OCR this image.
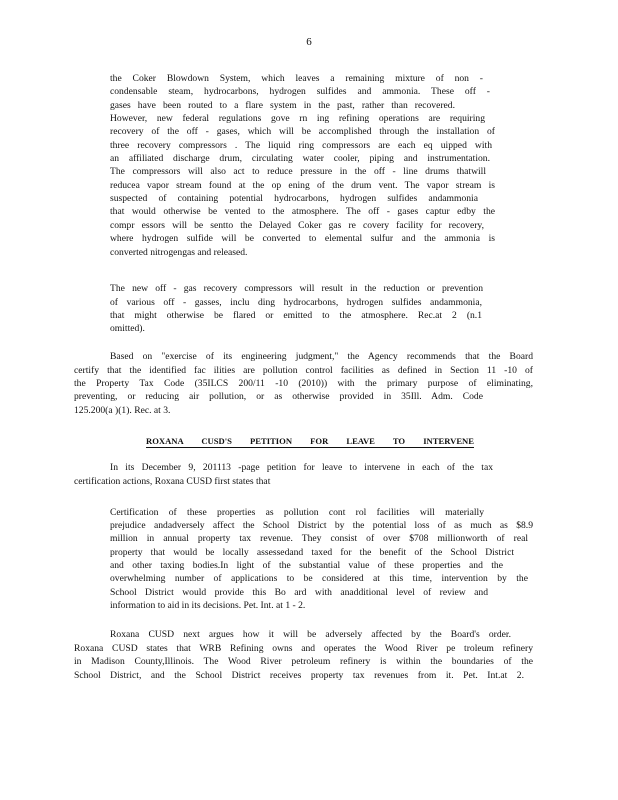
6
the Coker Blowdown System, which leaves a remaining mixture of non -
condensable steam, hydrocarbons, hydrogen sulfides and ammonia. These off -
gases have been routed to a flare system in the past, rather than recovered.
However, new federal regulations gove rn ing refining operations are requiring
recovery of the off - gases, which will be accomplished through the installation of
three recovery compressors . The liquid ring compressors are each eq uipped with
an affiliated discharge drum, circulating water cooler, piping and instrumentation.
The compressors will also act to reduce pressure in the off - line drums thatwill
reducea vapor stream found at the op ening of the drum vent. The vapor stream is
suspected of containing potential hydrocarbons, hydrogen sulfides andammonia
that would otherwise be vented to the atmosphere. The off - gases captur edby the
compr essors will be sentto the Delayed Coker gas re covery facility for recovery,
where hydrogen sulfide will be converted to elemental sulfur and the ammonia is
converted nitrogengas and released.
The new off - gas recovery compressors will result in the reduction or prevention
of various off - gasses, inclu ding hydrocarbons, hydrogen sulfides andammonia,
that might otherwise be flared or emitted to the atmosphere. Rec.at 2 (n.1
omitted).
Based on "exercise of its engineering judgment," the Agency recommends that the Board
certify that the identified fac ilities are pollution control facilities as defined in Section 11 -10 of
the Property Tax Code (35ILCS 200/11 -10 (2010)) with the primary purpose of eliminating,
preventing, or reducing air pollution, or as otherwise provided in 35Ill. Adm. Code
125.200(a )(1). Rec. at 3.
ROXANA CUSD'S PETITION FOR LEAVE TO INTERVENE
In its December 9, 201113 -page petition for leave to intervene in each of the tax
certification actions, Roxana CUSD first states that
Certification of these properties as pollution cont rol facilities will materially
prejudice andadversely affect the School District by the potential loss of as much as $8.9
million in annual property tax revenue. They consist of over $708 millionworth of real
property that would be locally assessedand taxed for the benefit of the School District
and other taxing bodies.In light of the substantial value of these properties and the
overwhelming number of applications to be considered at this time, intervention by the
School District would provide this Bo ard with anadditional level of review and
information to aid in its decisions. Pet. Int. at 1 - 2.
Roxana CUSD next argues how it will be adversely affected by the Board's order.
Roxana CUSD states that WRB Refining owns and operates the Wood River pe troleum refinery
in Madison County,Illinois. The Wood River petroleum refinery is within the boundaries of the
School District, and the School District receives property tax revenues from it. Pet. Int.at 2.
